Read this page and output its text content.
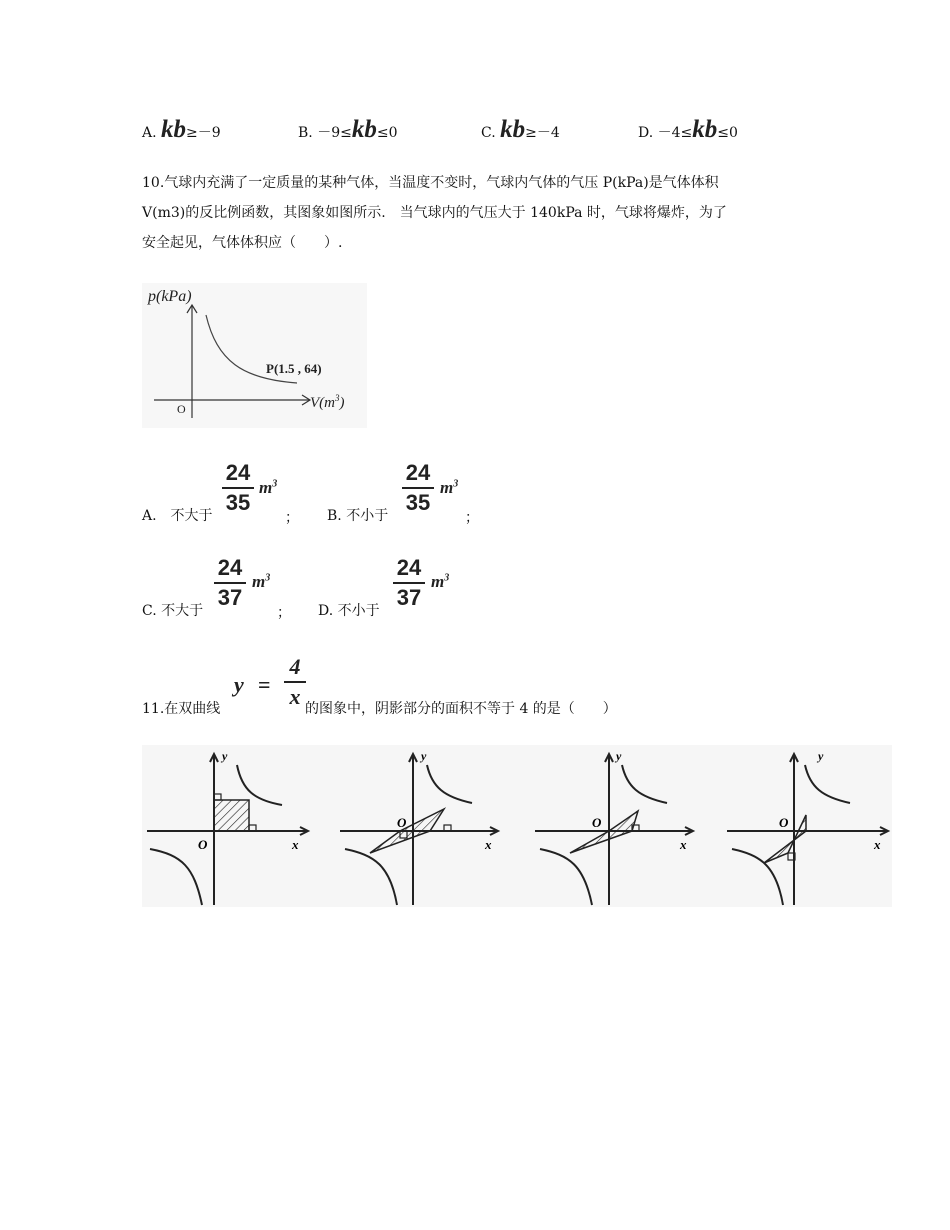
A. kb≥－9	B. －9≤kb≤0	C. kb≥－4	D. －4≤kb≤0
10.气球内充满了一定质量的某种气体，当温度不变时，气球内气体的气压 P(kPa)是气体体积
V(m3)的反比例函数，其图象如图所示.　当气球内的气压大于 140kPa 时，气球将爆炸，为了
安全起见，气体体积应（　　）.
p(kPa)
$V(m^3)$
O
P(1.5 , 64)
A.　不大于
24
35
$m^3$
； B. 不小于
24
35
$m^3$
；
C. 不大于
24
37
$m^3$
； D. 不小于
24
37
$m^3$
11.在双曲线
y =
4
x 的图象中，阴影部分的面积不等于 4 的是（　　）
O	x
y
O
x
y
O
x
y
O
x
y
